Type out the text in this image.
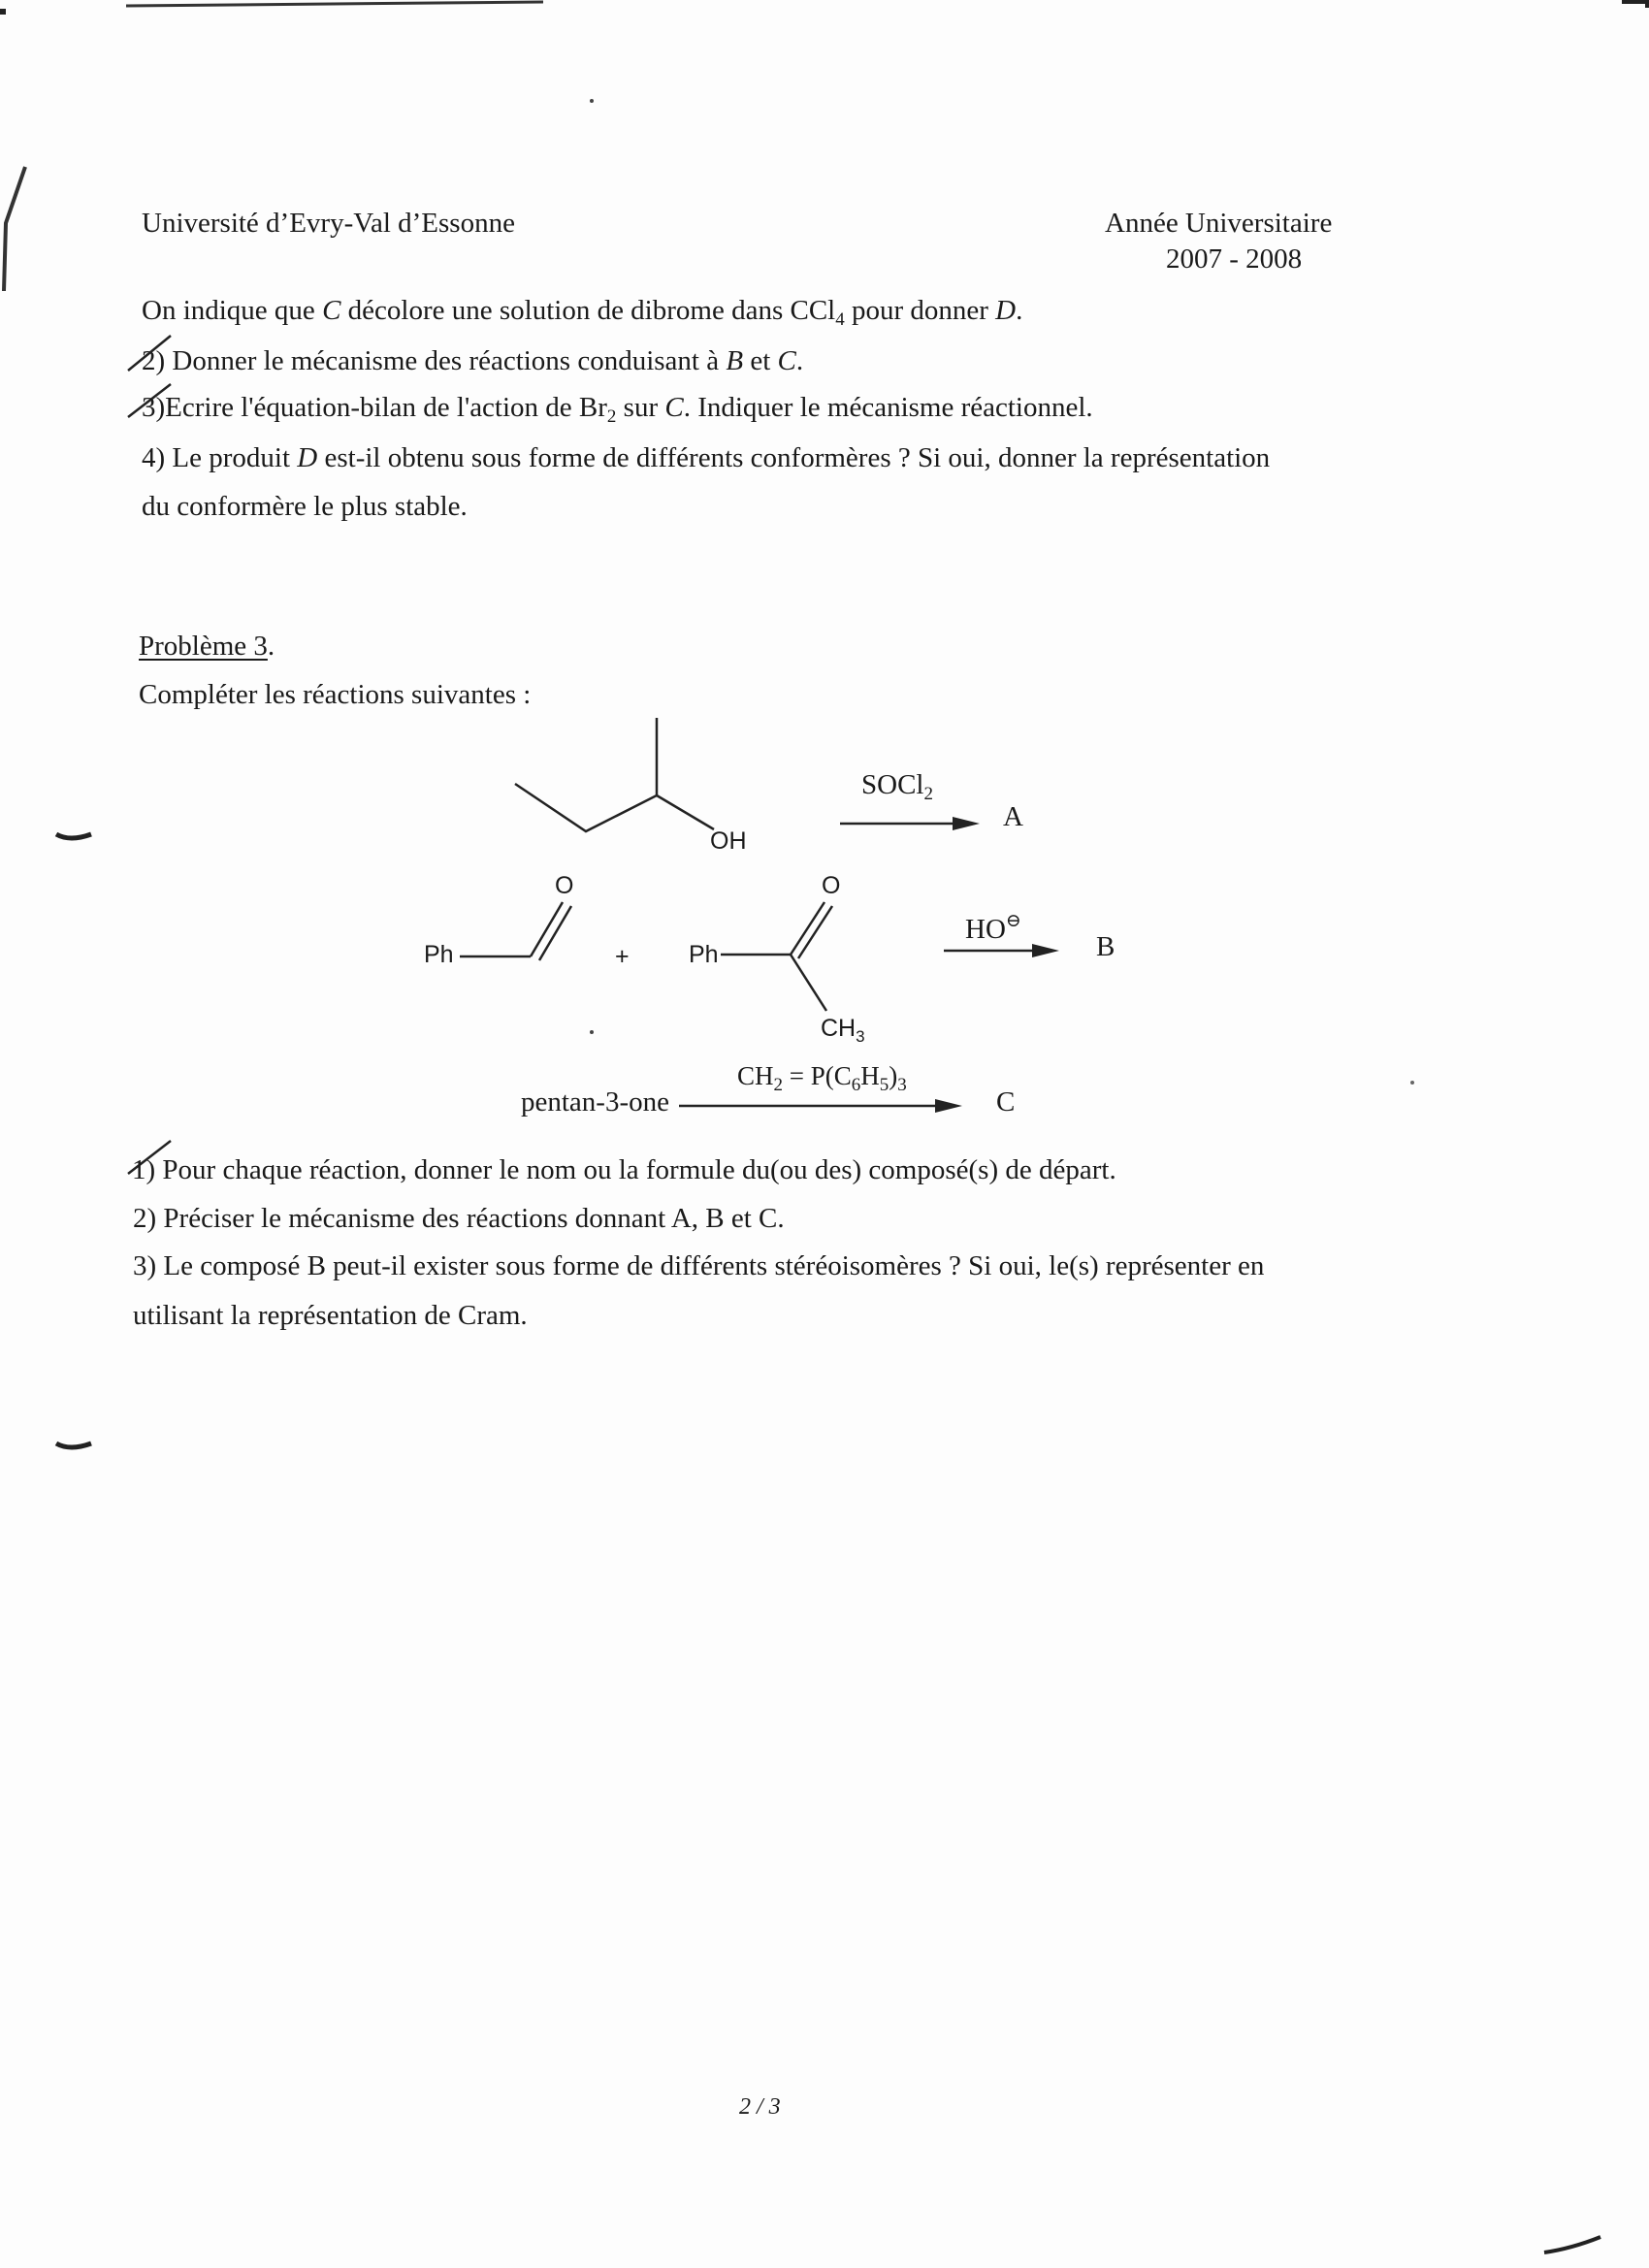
Université d’Evry-Val d’Essonne	Année Universitaire
2007 - 2008
On indique que C décolore une solution de dibrome dans CCl$_4$ pour donner D.
2) Donner le mécanisme des réactions conduisant à B et C.
3)Ecrire l'équation-bilan de l'action de $Br_2$ sur C. Indiquer le mécanisme réactionnel.
4) Le produit D est-il obtenu sous forme de différents conformères ? Si oui, donner la représentation
du conformère le plus stable.
Problème 3.
Compléter les réactions suivantes :
OH
SOCl$_2$
A
Ph
O
+ Ph
O
$CH_3$
HO⊖
B
pentan-3-one
$CH_2 = P(C_6H_5)_3$
C
1) Pour chaque réaction, donner le nom ou la formule du(ou des) composé(s) de départ.
2) Préciser le mécanisme des réactions donnant A, B et C.
3) Le composé B peut-il exister sous forme de différents stéréoisomères ? Si oui, le(s) représenter en
utilisant la représentation de Cram.
2 / 3
